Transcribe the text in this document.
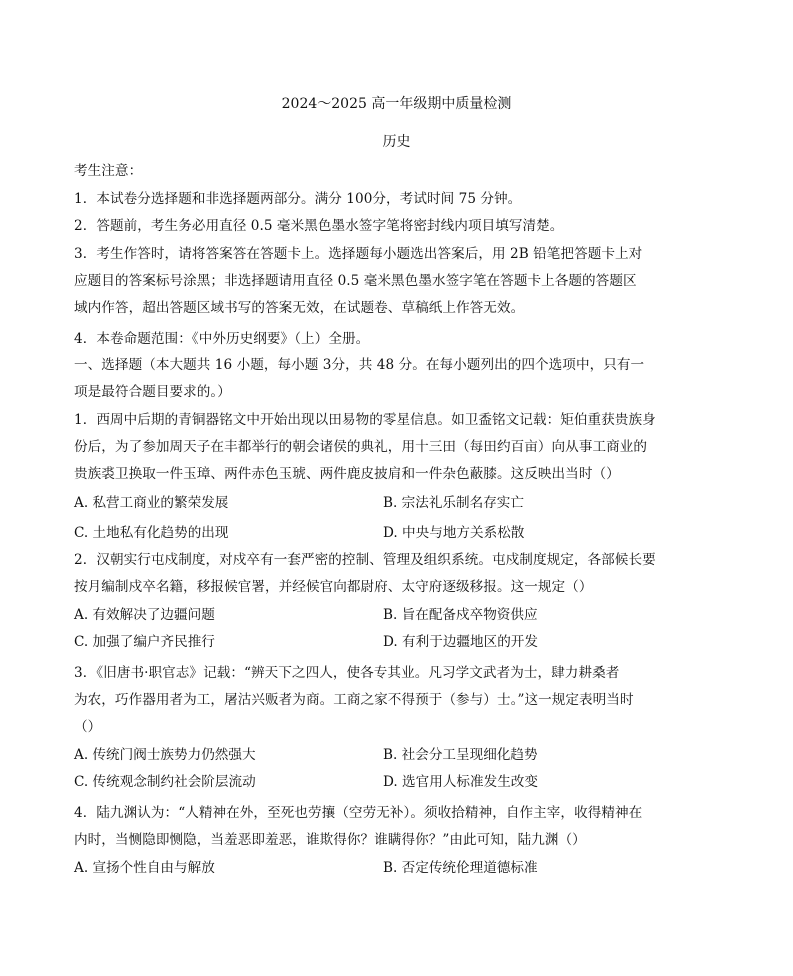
2024～2025 高一年级期中质量检测
历史
考生注意：
1．本试卷分选择题和非选择题两部分。满分 100分，考试时间 75 分钟。
2．答题前，考生务必用直径 0.5 毫米黑色墨水签字笔将密封线内项目填写清楚。
3．考生作答时，请将答案答在答题卡上。选择题每小题选出答案后，用 2B 铅笔把答题卡上对
应题目的答案标号涂黑；非选择题请用直径 0.5 毫米黑色墨水签字笔在答题卡上各题的答题区
域内作答，超出答题区域书写的答案无效，在试题卷、草稿纸上作答无效。
4．本卷命题范围：《中外历史纲要》（上）全册。
一、选择题（本大题共 16 小题，每小题 3分，共 48 分。在每小题列出的四个选项中，只有一
项是最符合题目要求的。）
1．西周中后期的青铜器铭文中开始出现以田易物的零星信息。如卫盉铭文记载：矩伯重获贵族身
份后，为了参加周天子在丰都举行的朝会诸侯的典礼，用十三田（每田约百亩）向从事工商业的
贵族裘卫换取一件玉璋、两件赤色玉琥、两件鹿皮披肩和一件杂色蔽膝。这反映出当时（）
A. 私营工商业的繁荣发展	B. 宗法礼乐制名存实亡
C. 土地私有化趋势的出现	D. 中央与地方关系松散
2．汉朝实行屯戍制度，对戍卒有一套严密的控制、管理及组织系统。屯戍制度规定，各部候长要
按月编制戍卒名籍，移报候官署，并经候官向都尉府、太守府逐级移报。这一规定（）
A. 有效解决了边疆问题	B. 旨在配备戍卒物资供应
C. 加强了编户齐民推行	D. 有利于边疆地区的开发
3．《旧唐书·职官志》记载：“辨天下之四人，使各专其业。凡习学文武者为士，肆力耕桑者
为农，巧作器用者为工，屠沽兴贩者为商。工商之家不得预于（参与）士。”这一规定表明当时
（）
A. 传统门阀士族势力仍然强大	B. 社会分工呈现细化趋势
C. 传统观念制约社会阶层流动	D. 选官用人标准发生改变
4．陆九渊认为：“人精神在外，至死也劳攘（空劳无补）。须收拾精神，自作主宰，收得精神在
内时，当恻隐即恻隐，当羞恶即羞恶，谁欺得你？谁瞒得你？”由此可知，陆九渊（）
A. 宣扬个性自由与解放	B. 否定传统伦理道德标准
